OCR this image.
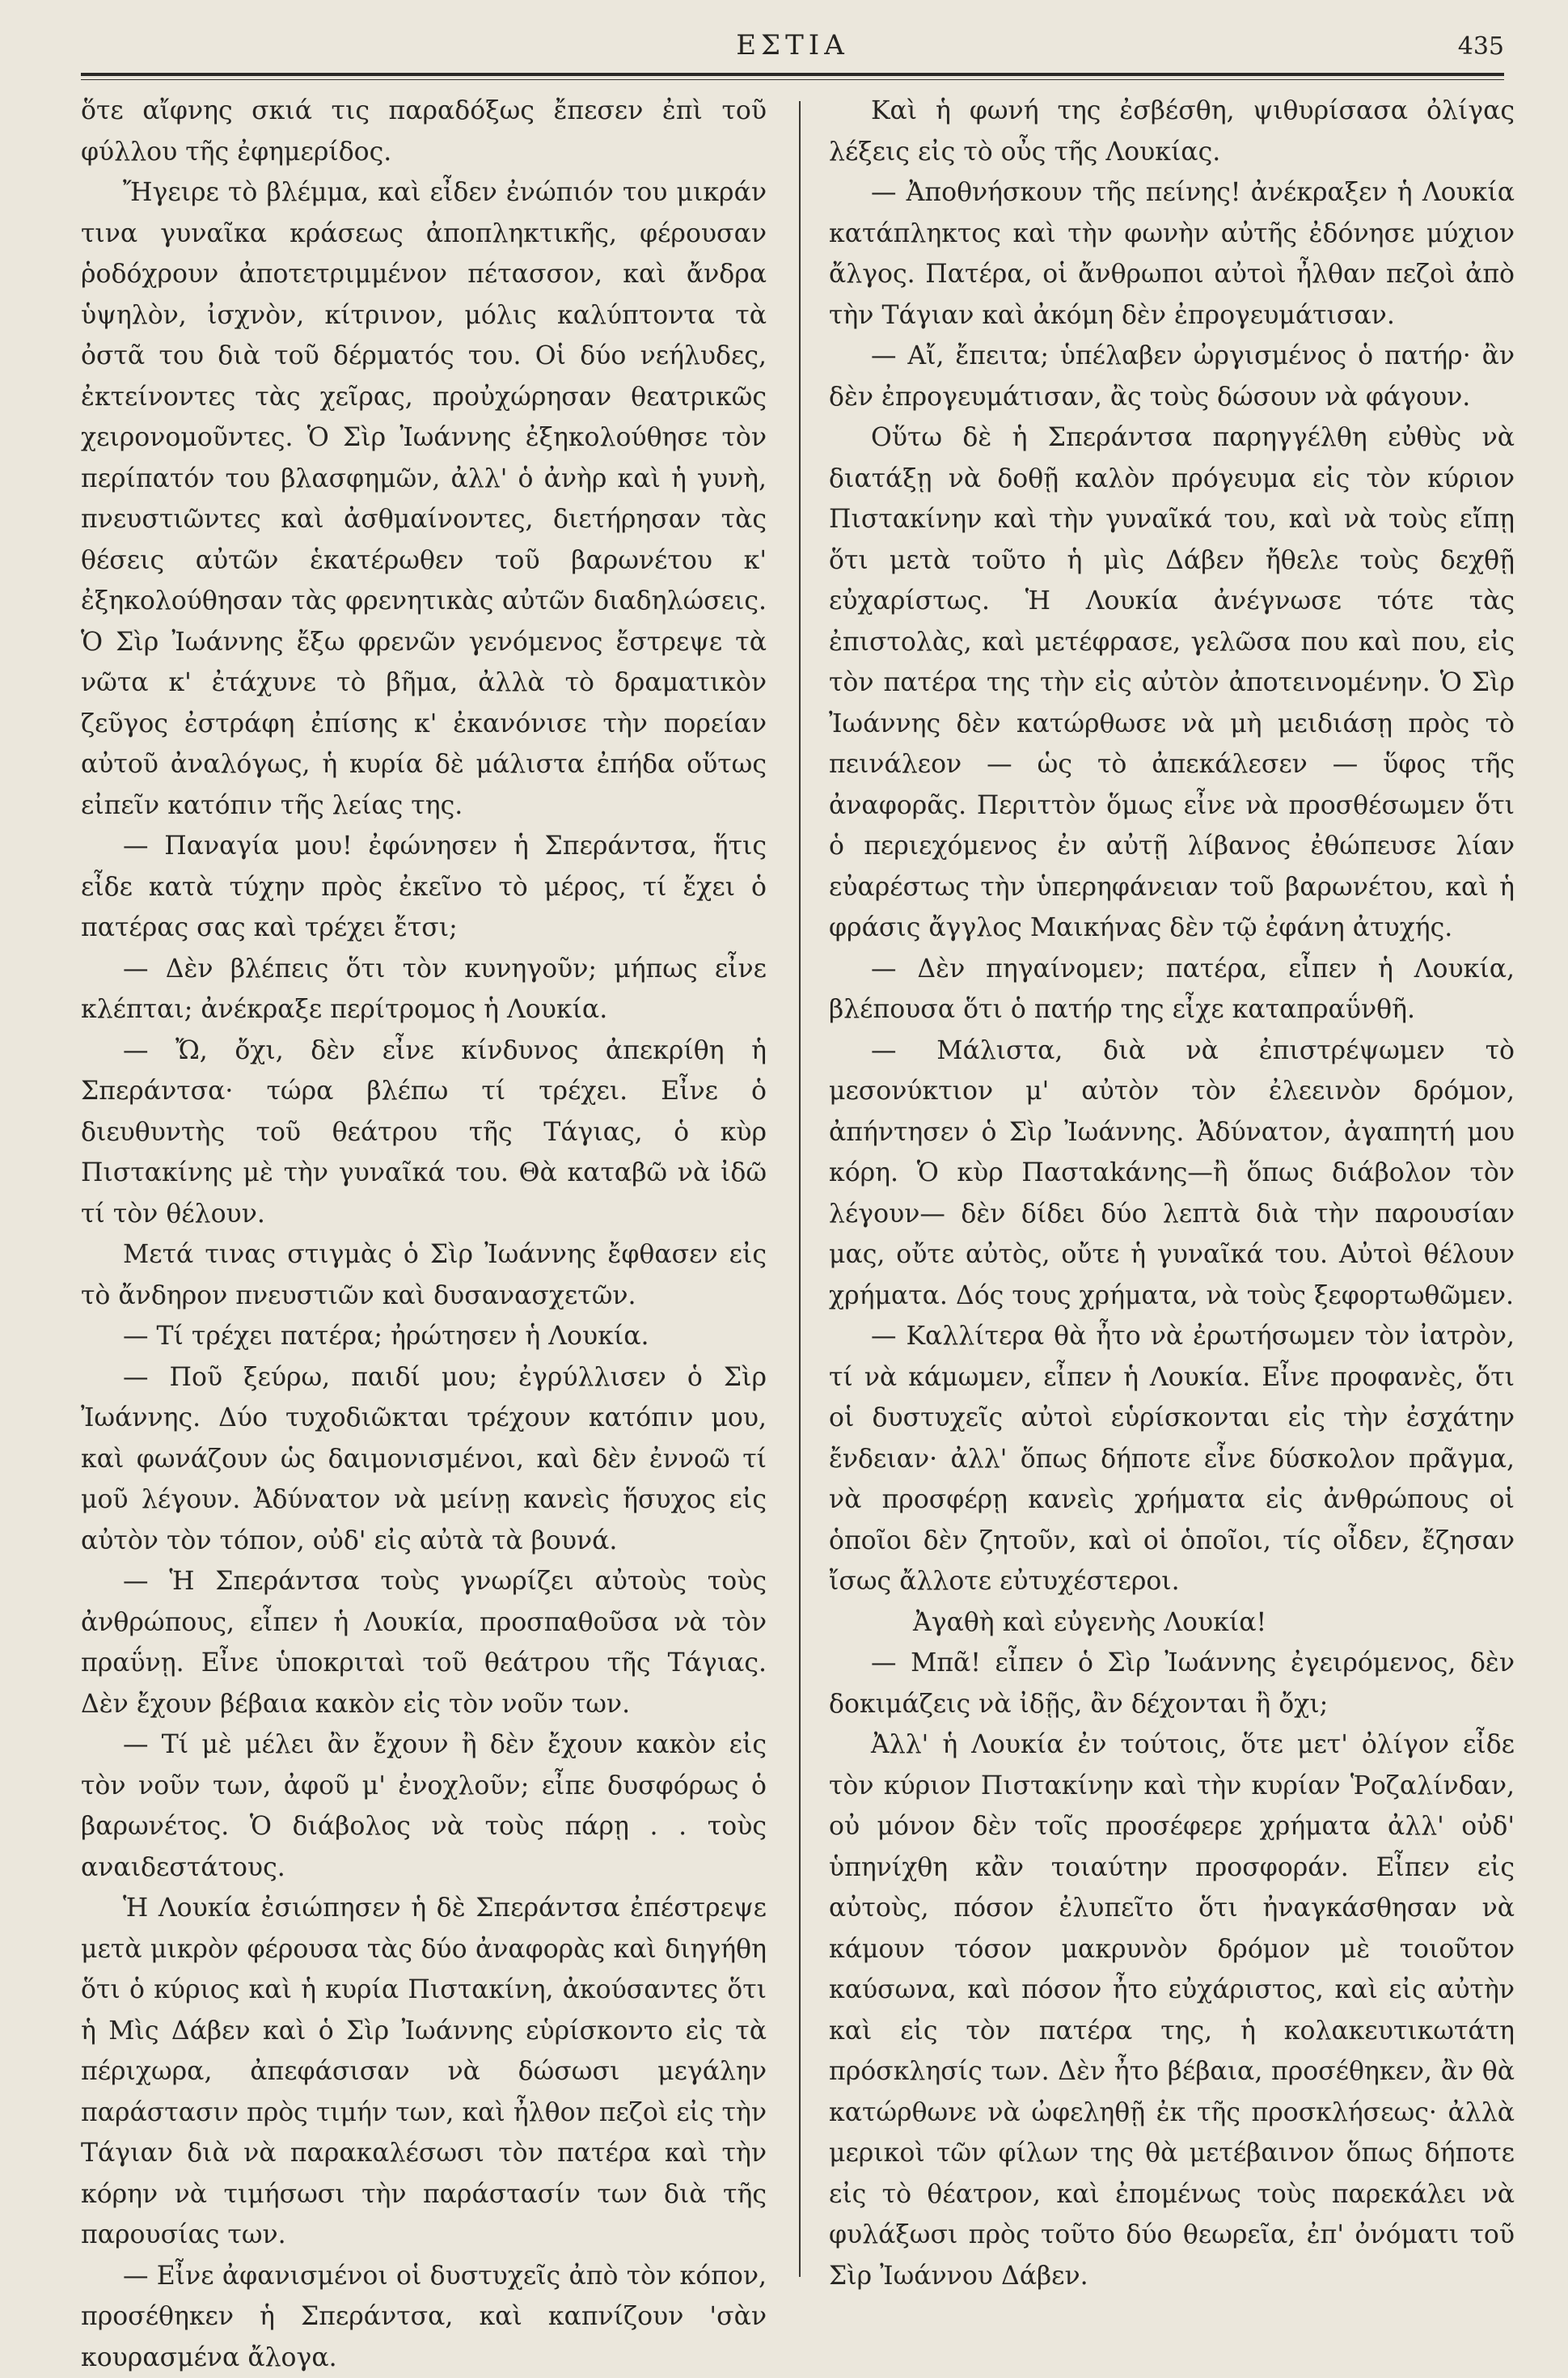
ΕΣΤΙΑ	435

ὅτε αἴφνης σκιά τις παραδόξως ἔπεσεν ἐπὶ τοῦ φύλλου τῆς ἐφημερίδος.

Ἤγειρε τὸ βλέμμα, καὶ εἶδεν ἐνώπιόν του μικράν τινα γυναῖκα κράσεως ἀποπληκτικῆς, φέρουσαν ῥοδόχρουν ἀποτετριμμένον πέτασσον, καὶ ἄνδρα ὑψηλὸν, ἰσχνὸν, κίτρινον, μόλις καλύπτοντα τὰ ὀστᾶ του διὰ τοῦ δέρματός του. Οἱ δύο νεήλυδες, ἐκτείνοντες τὰς χεῖρας, προὐχώρησαν θεατρικῶς χειρονομοῦντες. Ὁ Σὶρ Ἰωάννης ἐξηκολούθησε τὸν περίπατόν του βλασφημῶν, ἀλλ' ὁ ἀνὴρ καὶ ἡ γυνὴ, πνευστιῶντες καὶ ἀσθμαίνοντες, διετήρησαν τὰς θέσεις αὐτῶν ἑκατέρωθεν τοῦ βαρωνέτου κ' ἐξηκολούθησαν τὰς φρενητικὰς αὐτῶν διαδηλώσεις. Ὁ Σὶρ Ἰωάννης ἔξω φρενῶν γενόμενος ἔστρεψε τὰ νῶτα κ' ἐτάχυνε τὸ βῆμα, ἀλλὰ τὸ δραματικὸν ζεῦγος ἐστράφη ἐπίσης κ' ἐκανόνισε τὴν πορείαν αὐτοῦ ἀναλόγως, ἡ κυρία δὲ μάλιστα ἐπήδα οὕτως εἰπεῖν κατόπιν τῆς λείας της.

— Παναγία μου! ἐφώνησεν ἡ Σπεράντσα, ἥτις εἶδε κατὰ τύχην πρὸς ἐκεῖνο τὸ μέρος, τί ἔχει ὁ πατέρας σας καὶ τρέχει ἔτσι;

— Δὲν βλέπεις ὅτι τὸν κυνηγοῦν; μήπως εἶνε κλέπται; ἀνέκραξε περίτρομος ἡ Λουκία.

— Ὤ, ὄχι, δὲν εἶνε κίνδυνος ἀπεκρίθη ἡ Σπεράντσα· τώρα βλέπω τί τρέχει. Εἶνε ὁ διευθυντὴς τοῦ θεάτρου τῆς Τάγιας, ὁ κὺρ Πιστακίνης μὲ τὴν γυναῖκά του. Θὰ καταβῶ νὰ ἰδῶ τί τὸν θέλουν.

Μετά τινας στιγμὰς ὁ Σὶρ Ἰωάννης ἔφθασεν εἰς τὸ ἄνδηρον πνευστιῶν καὶ δυσανασχετῶν.

— Τί τρέχει πατέρα; ἠρώτησεν ἡ Λουκία.

— Ποῦ ξεύρω, παιδί μου; ἐγρύλλισεν ὁ Σὶρ Ἰωάννης. Δύο τυχοδιῶκται τρέχουν κατόπιν μου, καὶ φωνάζουν ὡς δαιμονισμένοι, καὶ δὲν ἐννοῶ τί μοῦ λέγουν. Ἀδύνατον νὰ μείνῃ κανεὶς ἥσυχος εἰς αὐτὸν τὸν τόπον, οὐδ' εἰς αὐτὰ τὰ βουνά.

— Ἡ Σπεράντσα τοὺς γνωρίζει αὐτοὺς τοὺς ἀνθρώπους, εἶπεν ἡ Λουκία, προσπαθοῦσα νὰ τὸν πραΰνῃ. Εἶνε ὑποκριταὶ τοῦ θεάτρου τῆς Τάγιας. Δὲν ἔχουν βέβαια κακὸν εἰς τὸν νοῦν των.

— Τί μὲ μέλει ἂν ἔχουν ἢ δὲν ἔχουν κακὸν εἰς τὸν νοῦν των, ἀφοῦ μ' ἐνοχλοῦν; εἶπε δυσφόρως ὁ βαρωνέτος. Ὁ διάβολος νὰ τοὺς πάρῃ . . τοὺς αναιδεστάτους.

Ἡ Λουκία ἐσιώπησεν ἡ δὲ Σπεράντσα ἐπέστρεψε μετὰ μικρὸν φέρουσα τὰς δύο ἀναφορὰς καὶ διηγήθη ὅτι ὁ κύριος καὶ ἡ κυρία Πιστακίνη, ἀκούσαντες ὅτι ἡ Μὶς Δάβεν καὶ ὁ Σὶρ Ἰωάννης εὑρίσκοντο εἰς τὰ πέριχωρα, ἀπεφάσισαν νὰ δώσωσι μεγάλην παράστασιν πρὸς τιμήν των, καὶ ἦλθον πεζοὶ εἰς τὴν Τάγιαν διὰ νὰ παρακαλέσωσι τὸν πατέρα καὶ τὴν κόρην νὰ τιμήσωσι τὴν παράστασίν των διὰ τῆς παρουσίας των.

— Εἶνε ἀφανισμένοι οἱ δυστυχεῖς ἀπὸ τὸν κόπον, προσέθηκεν ἡ Σπεράντσα, καὶ καπνίζουν 'σὰν κουρασμένα ἄλογα.

Καὶ ἡ φωνή της ἐσβέσθη, ψιθυρίσασα ὀλίγας λέξεις εἰς τὸ οὖς τῆς Λουκίας.

— Ἀποθνήσκουν τῆς πείνης! ἀνέκραξεν ἡ Λουκία κατάπληκτος καὶ τὴν φωνὴν αὐτῆς ἐδόνησε μύχιον ἄλγος. Πατέρα, οἱ ἄνθρωποι αὐτοὶ ἦλθαν πεζοὶ ἀπὸ τὴν Τάγιαν καὶ ἀκόμη δὲν ἐπρογευμάτισαν.

— Αἴ, ἔπειτα; ὑπέλαβεν ὠργισμένος ὁ πατήρ· ἂν δὲν ἐπρογευμάτισαν, ἂς τοὺς δώσουν νὰ φάγουν.

Οὕτω δὲ ἡ Σπεράντσα παρηγγέλθη εὐθὺς νὰ διατάξῃ νὰ δοθῇ καλὸν πρόγευμα εἰς τὸν κύριον Πιστακίνην καὶ τὴν γυναῖκά του, καὶ νὰ τοὺς εἴπῃ ὅτι μετὰ τοῦτο ἡ μὶς Δάβεν ἤθελε τοὺς δεχθῇ εὐχαρίστως. Ἡ Λουκία ἀνέγνωσε τότε τὰς ἐπιστολὰς, καὶ μετέφρασε, γελῶσα που καὶ που, εἰς τὸν πατέρα της τὴν εἰς αὐτὸν ἀποτεινομένην. Ὁ Σὶρ Ἰωάννης δὲν κατώρθωσε νὰ μὴ μειδιάσῃ πρὸς τὸ πεινάλεον — ὡς τὸ ἀπεκάλεσεν — ὕφος τῆς ἀναφορᾶς. Περιττὸν ὅμως εἶνε νὰ προσθέσωμεν ὅτι ὁ περιεχόμενος ἐν αὐτῇ λίβανος ἐθώπευσε λίαν εὐαρέστως τὴν ὑπερηφάνειαν τοῦ βαρωνέτου, καὶ ἡ φράσις ἄγγλος Μαικήνας δὲν τῷ ἐφάνη ἀτυχής.

— Δὲν πηγαίνομεν; πατέρα, εἶπεν ἡ Λουκία, βλέπουσα ὅτι ὁ πατήρ της εἶχε καταπραΰνθῆ.

— Μάλιστα, διὰ νὰ ἐπιστρέψωμεν τὸ μεσονύκτιον μ' αὐτὸν τὸν ἐλεεινὸν δρόμον, ἀπήντησεν ὁ Σὶρ Ἰωάννης. Ἀδύνατον, ἀγαπητή μου κόρη. Ὁ κὺρ Πασταkάνης—ἢ ὅπως διάβολον τὸν λέγουν— δὲν δίδει δύο λεπτὰ διὰ τὴν παρουσίαν μας, οὔτε αὐτὸς, οὔτε ἡ γυναῖκά του. Αὐτοὶ θέλουν χρήματα. Δός τους χρήματα, νὰ τοὺς ξεφορτωθῶμεν.

— Καλλίτερα θὰ ἦτο νὰ ἐρωτήσωμεν τὸν ἰατρὸν, τί νὰ κάμωμεν, εἶπεν ἡ Λουκία. Εἶνε προφανὲς, ὅτι οἱ δυστυχεῖς αὐτοὶ εὑρίσκονται εἰς τὴν ἐσχάτην ἔνδειαν· ἀλλ' ὅπως δήποτε εἶνε δύσκολον πρᾶγμα, νὰ προσφέρῃ κανεὶς χρήματα εἰς ἀνθρώπους οἱ ὁποῖοι δὲν ζητοῦν, καὶ οἱ ὁποῖοι, τίς οἶδεν, ἔζησαν ἴσως ἄλλοτε εὐτυχέστεροι.

Ἀγαθὴ καὶ εὐγενὴς Λουκία!

— Μπᾶ! εἶπεν ὁ Σὶρ Ἰωάννης ἐγειρόμενος, δὲν δοκιμάζεις νὰ ἰδῇς, ἂν δέχονται ἢ ὄχι;

Ἀλλ' ἡ Λουκία ἐν τούτοις, ὅτε μετ' ὀλίγον εἶδε τὸν κύριον Πιστακίνην καὶ τὴν κυρίαν Ῥοζαλίνδαν, οὐ μόνον δὲν τοῖς προσέφερε χρήματα ἀλλ' οὐδ' ὑπηνίχθη κἂν τοιαύτην προσφοράν. Εἶπεν εἰς αὐτοὺς, πόσον ἐλυπεῖτο ὅτι ἠναγκάσθησαν νὰ κάμουν τόσον μακρυνὸν δρόμον μὲ τοιοῦτον καύσωνα, καὶ πόσον ἦτο εὐχάριστος, καὶ εἰς αὐτὴν καὶ εἰς τὸν πατέρα της, ἡ κολακευτικωτάτη πρόσκλησίς των. Δὲν ἦτο βέβαια, προσέθηκεν, ἂν θὰ κατώρθωνε νὰ ὠφεληθῇ ἐκ τῆς προσκλήσεως· ἀλλὰ μερικοὶ τῶν φίλων της θὰ μετέβαινον ὅπως δήποτε εἰς τὸ θέατρον, καὶ ἐπομένως τοὺς παρεκάλει νὰ φυλάξωσι πρὸς τοῦτο δύο θεωρεῖα, ἐπ' ὀνόματι τοῦ Σὶρ Ἰωάννου Δάβεν.
